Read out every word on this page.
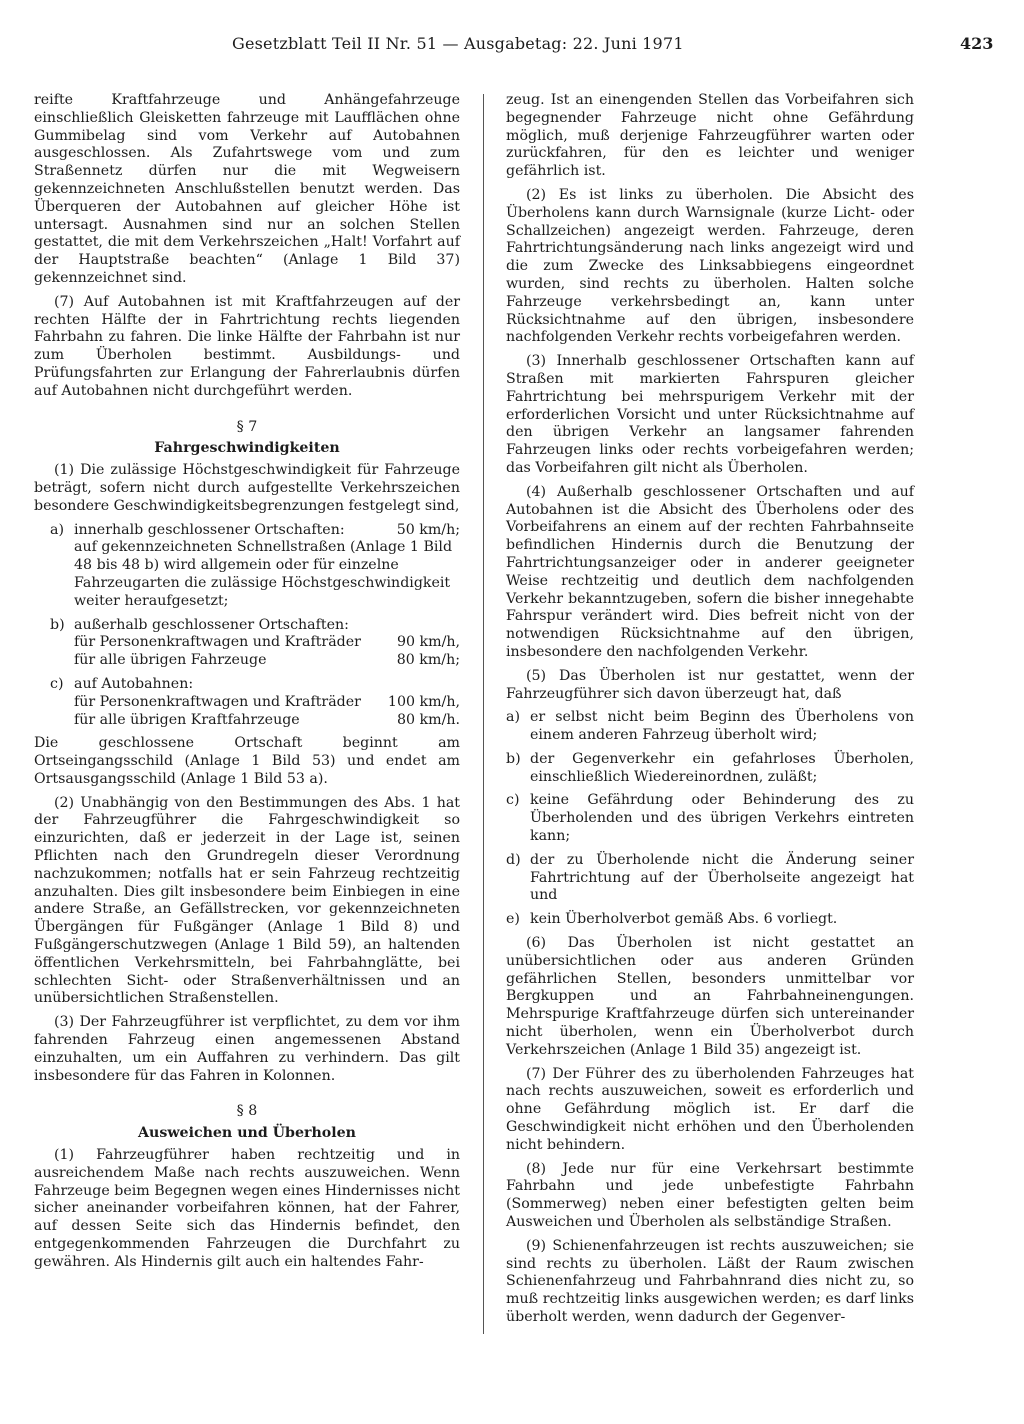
Gesetzblatt Teil II Nr. 51 — Ausgabetag: 22. Juni 1971	423

reifte Kraftfahrzeuge und Anhängefahrzeuge einschließlich Gleisketten fahrzeuge mit Laufflächen ohne Gummibelag sind vom Verkehr auf Autobahnen ausgeschlossen. Als Zufahrtswege vom und zum Straßennetz dürfen nur die mit Wegweisern gekennzeichneten Anschlußstellen benutzt werden. Das Überqueren der Autobahnen auf gleicher Höhe ist untersagt. Ausnahmen sind nur an solchen Stellen gestattet, die mit dem Verkehrszeichen „Halt! Vorfahrt auf der Hauptstraße beachten“ (Anlage 1 Bild 37) gekennzeichnet sind.

(7) Auf Autobahnen ist mit Kraftfahrzeugen auf der rechten Hälfte der in Fahrtrichtung rechts liegenden Fahrbahn zu fahren. Die linke Hälfte der Fahrbahn ist nur zum Überholen bestimmt. Ausbildungs- und Prüfungsfahrten zur Erlangung der Fahrerlaubnis dürfen auf Autobahnen nicht durchgeführt werden.

§ 7
Fahrgeschwindigkeiten

(1) Die zulässige Höchstgeschwindigkeit für Fahrzeuge beträgt, sofern nicht durch aufgestellte Verkehrszeichen besondere Geschwindigkeitsbegrenzungen festgelegt sind,

a) innerhalb geschlossener Ortschaften:	50 km/h;
auf gekennzeichneten Schnellstraßen (Anlage 1 Bild 48 bis 48 b) wird allgemein oder für einzelne Fahrzeugarten die zulässige Höchstgeschwindigkeit weiter heraufgesetzt;
b) außerhalb geschlossener Ortschaften:
für Personenkraftwagen und Krafträder	90 km/h,
für alle übrigen Fahrzeuge	80 km/h;
c) auf Autobahnen:
für Personenkraftwagen und Krafträder	100 km/h,
für alle übrigen Kraftfahrzeuge	80 km/h.

Die geschlossene Ortschaft beginnt am Ortseingangsschild (Anlage 1 Bild 53) und endet am Ortsausgangsschild (Anlage 1 Bild 53 a).

(2) Unabhängig von den Bestimmungen des Abs. 1 hat der Fahrzeugführer die Fahrgeschwindigkeit so einzurichten, daß er jederzeit in der Lage ist, seinen Pflichten nach den Grundregeln dieser Verordnung nachzukommen; notfalls hat er sein Fahrzeug rechtzeitig anzuhalten. Dies gilt insbesondere beim Einbiegen in eine andere Straße, an Gefällstrecken, vor gekennzeichneten Übergängen für Fußgänger (Anlage 1 Bild 8) und Fußgängerschutzwegen (Anlage 1 Bild 59), an haltenden öffentlichen Verkehrsmitteln, bei Fahrbahnglätte, bei schlechten Sicht- oder Straßenverhältnissen und an unübersichtlichen Straßenstellen.

(3) Der Fahrzeugführer ist verpflichtet, zu dem vor ihm fahrenden Fahrzeug einen angemessenen Abstand einzuhalten, um ein Auffahren zu verhindern. Das gilt insbesondere für das Fahren in Kolonnen.

§ 8
Ausweichen und Überholen

(1) Fahrzeugführer haben rechtzeitig und in ausreichendem Maße nach rechts auszuweichen. Wenn Fahrzeuge beim Begegnen wegen eines Hindernisses nicht sicher aneinander vorbeifahren können, hat der Fahrer, auf dessen Seite sich das Hindernis befindet, den entgegenkommenden Fahrzeugen die Durchfahrt zu gewähren. Als Hindernis gilt auch ein haltendes Fahr-

zeug. Ist an einengenden Stellen das Vorbeifahren sich begegnender Fahrzeuge nicht ohne Gefährdung möglich, muß derjenige Fahrzeugführer warten oder zurückfahren, für den es leichter und weniger gefährlich ist.

(2) Es ist links zu überholen. Die Absicht des Überholens kann durch Warnsignale (kurze Licht- oder Schallzeichen) angezeigt werden. Fahrzeuge, deren Fahrtrichtungsänderung nach links angezeigt wird und die zum Zwecke des Linksabbiegens eingeordnet wurden, sind rechts zu überholen. Halten solche Fahrzeuge verkehrsbedingt an, kann unter Rücksichtnahme auf den übrigen, insbesondere nachfolgenden Verkehr rechts vorbeigefahren werden.

(3) Innerhalb geschlossener Ortschaften kann auf Straßen mit markierten Fahrspuren gleicher Fahrtrichtung bei mehrspurigem Verkehr mit der erforderlichen Vorsicht und unter Rücksichtnahme auf den übrigen Verkehr an langsamer fahrenden Fahrzeugen links oder rechts vorbeigefahren werden; das Vorbeifahren gilt nicht als Überholen.

(4) Außerhalb geschlossener Ortschaften und auf Autobahnen ist die Absicht des Überholens oder des Vorbeifahrens an einem auf der rechten Fahrbahnseite befindlichen Hindernis durch die Benutzung der Fahrtrichtungsanzeiger oder in anderer geeigneter Weise rechtzeitig und deutlich dem nachfolgenden Verkehr bekanntzugeben, sofern die bisher innegehabte Fahrspur verändert wird. Dies befreit nicht von der notwendigen Rücksichtnahme auf den übrigen, insbesondere den nachfolgenden Verkehr.

(5) Das Überholen ist nur gestattet, wenn der Fahrzeugführer sich davon überzeugt hat, daß

a) er selbst nicht beim Beginn des Überholens von einem anderen Fahrzeug überholt wird;
b) der Gegenverkehr ein gefahrloses Überholen, einschließlich Wiedereinordnen, zuläßt;
c) keine Gefährdung oder Behinderung des zu Überholenden und des übrigen Verkehrs eintreten kann;
d) der zu Überholende nicht die Änderung seiner Fahrtrichtung auf der Überholseite angezeigt hat und
e) kein Überholverbot gemäß Abs. 6 vorliegt.

(6) Das Überholen ist nicht gestattet an unübersichtlichen oder aus anderen Gründen gefährlichen Stellen, besonders unmittelbar vor Bergkuppen und an Fahrbahneinengungen. Mehrspurige Kraftfahrzeuge dürfen sich untereinander nicht überholen, wenn ein Überholverbot durch Verkehrszeichen (Anlage 1 Bild 35) angezeigt ist.

(7) Der Führer des zu überholenden Fahrzeuges hat nach rechts auszuweichen, soweit es erforderlich und ohne Gefährdung möglich ist. Er darf die Geschwindigkeit nicht erhöhen und den Überholenden nicht behindern.

(8) Jede nur für eine Verkehrsart bestimmte Fahrbahn und jede unbefestigte Fahrbahn (Sommerweg) neben einer befestigten gelten beim Ausweichen und Überholen als selbständige Straßen.

(9) Schienenfahrzeugen ist rechts auszuweichen; sie sind rechts zu überholen. Läßt der Raum zwischen Schienenfahrzeug und Fahrbahnrand dies nicht zu, so muß rechtzeitig links ausgewichen werden; es darf links überholt werden, wenn dadurch der Gegenver-
